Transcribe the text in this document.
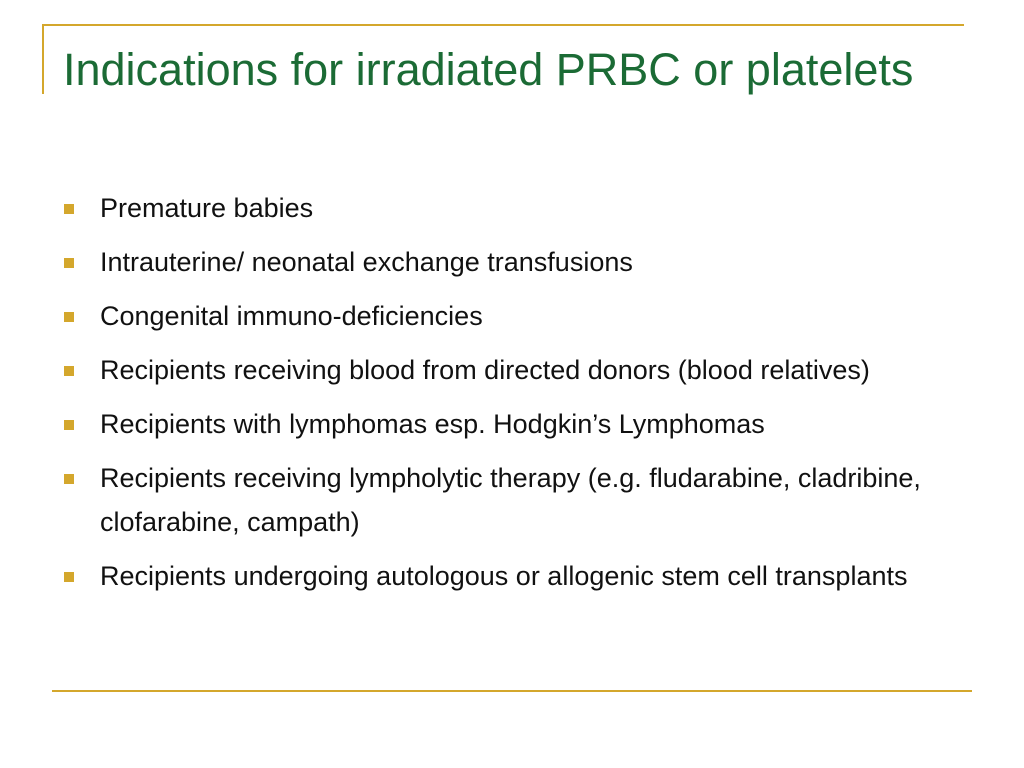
Indications for irradiated PRBC or platelets
Premature babies
Intrauterine/ neonatal exchange transfusions
Congenital immuno-deficiencies
Recipients receiving blood from directed donors (blood relatives)
Recipients with lymphomas esp. Hodgkin’s Lymphomas
Recipients receiving lympholytic therapy (e.g. fludarabine, cladribine, clofarabine, campath)
Recipients undergoing autologous or allogenic stem cell transplants
